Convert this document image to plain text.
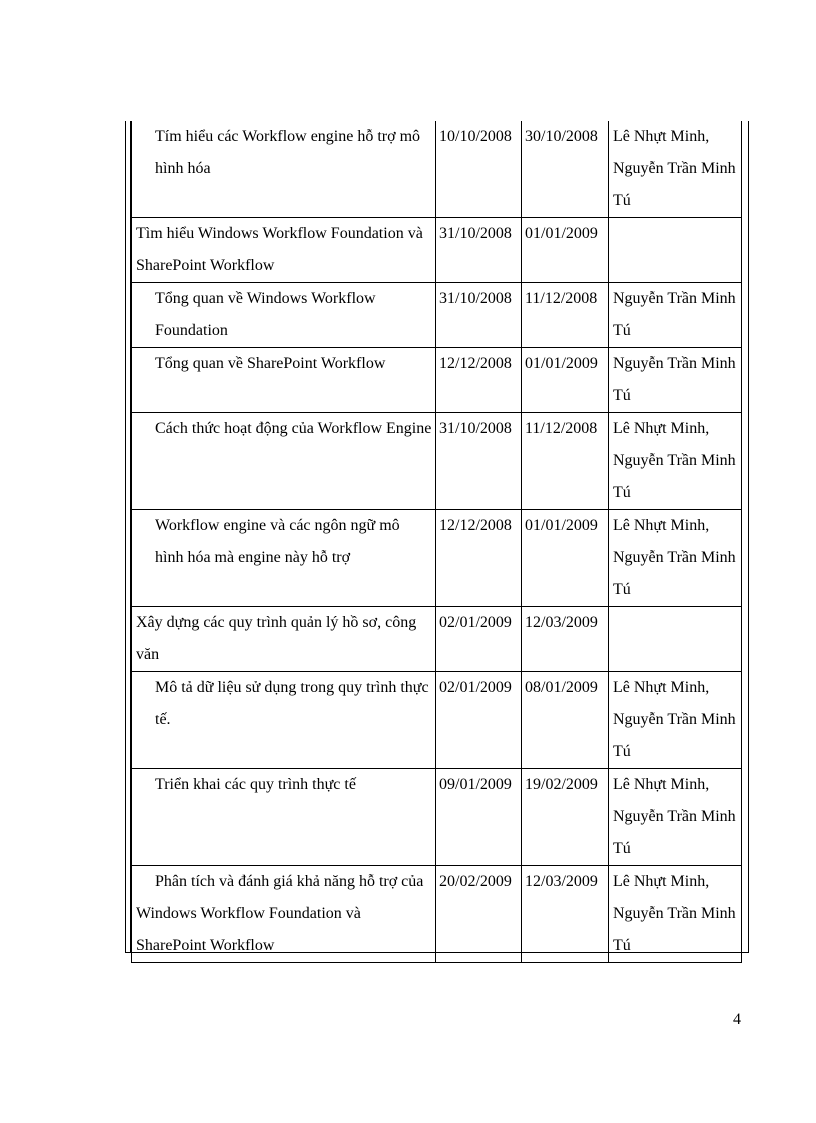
Tím hiểu các Workflow engine hỗ trợ mô hình hóa	10/10/2008	30/10/2008	Lê Nhựt Minh, Nguyễn Trần Minh Tú
Tìm hiểu Windows Workflow Foundation và SharePoint Workflow	31/10/2008	01/01/2009	
Tổng quan về Windows Workflow Foundation	31/10/2008	11/12/2008	Nguyễn Trần Minh Tú
Tổng quan về SharePoint Workflow	12/12/2008	01/01/2009	Nguyễn Trần Minh Tú
Cách thức hoạt động của Workflow Engine	31/10/2008	11/12/2008	Lê Nhựt Minh, Nguyễn Trần Minh Tú
Workflow engine và các ngôn ngữ mô hình hóa mà engine này hỗ trợ	12/12/2008	01/01/2009	Lê Nhựt Minh, Nguyễn Trần Minh Tú
Xây dựng các quy trình quản lý hồ sơ, công văn	02/01/2009	12/03/2009	
Mô tả dữ liệu sử dụng trong quy trình thực tế.	02/01/2009	08/01/2009	Lê Nhựt Minh, Nguyễn Trần Minh Tú
Triển khai các quy trình thực tế	09/01/2009	19/02/2009	Lê Nhựt Minh, Nguyễn Trần Minh Tú
Phân tích và đánh giá khả năng hỗ trợ của Windows Workflow Foundation và SharePoint Workflow	20/02/2009	12/03/2009	Lê Nhựt Minh, Nguyễn Trần Minh Tú
4
